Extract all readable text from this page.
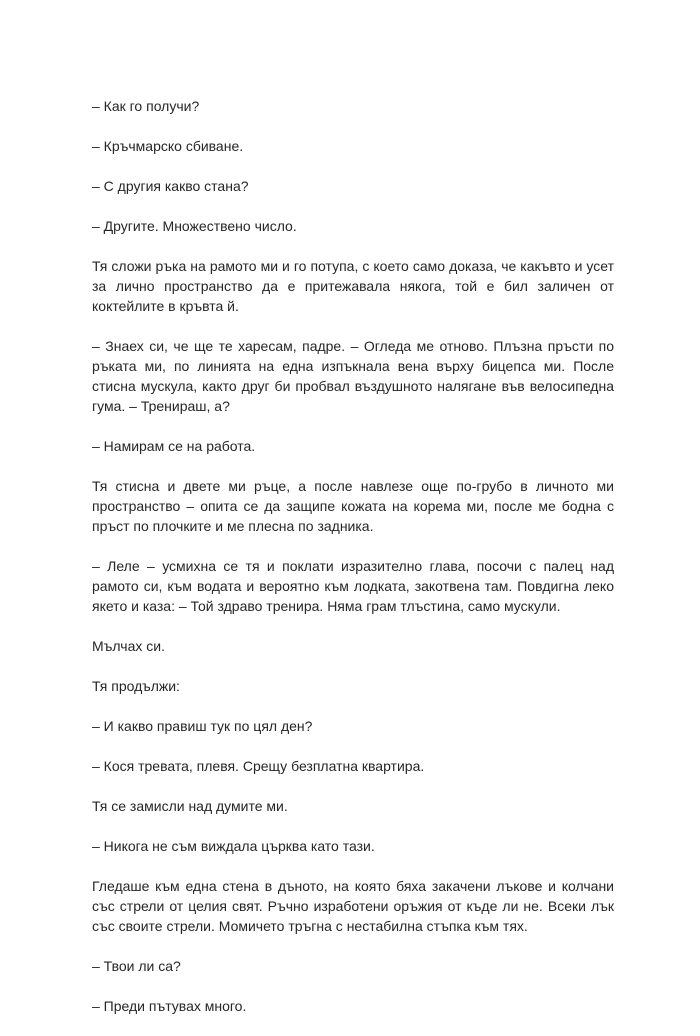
– Как го получи?

– Кръчмарско сбиване.

– С другия какво стана?

– Другите. Множествено число.

Тя сложи ръка на рамото ми и го потупа, с което само доказа, че какъвто и усет за лично пространство да е притежавала някога, той е бил заличен от коктейлите в кръвта й.

– Знаех си, че ще те харесам, падре. – Огледа ме отново. Плъзна пръсти по ръката ми, по линията на една изпъкнала вена върху бицепса ми. После стисна мускула, както друг би пробвал въздушното налягане във велосипедна гума. – Тренираш, а?

– Намирам се на работа.

Тя стисна и двете ми ръце, а после навлезе още по-грубо в личното ми пространство – опита се да защипе кожата на корема ми, после ме бодна с пръст по плочките и ме плесна по задника.

– Леле – усмихна се тя и поклати изразително глава, посочи с палец над рамото си, към водата и вероятно към лодката, закотвена там. Повдигна леко якето и каза: – Той здраво тренира. Няма грам тлъстина, само мускули.

Мълчах си.

Тя продължи:

– И какво правиш тук по цял ден?

– Кося тревата, плевя. Срещу безплатна квартира.

Тя се замисли над думите ми.

– Никога не съм виждала църква като тази.

Гледаше към една стена в дъното, на която бяха закачени лъкове и колчани със стрели от целия свят. Ръчно изработени оръжия от къде ли не. Всеки лък със своите стрели. Момичето тръгна с нестабилна стъпка към тях.

– Твои ли са?

– Преди пътувах много.
